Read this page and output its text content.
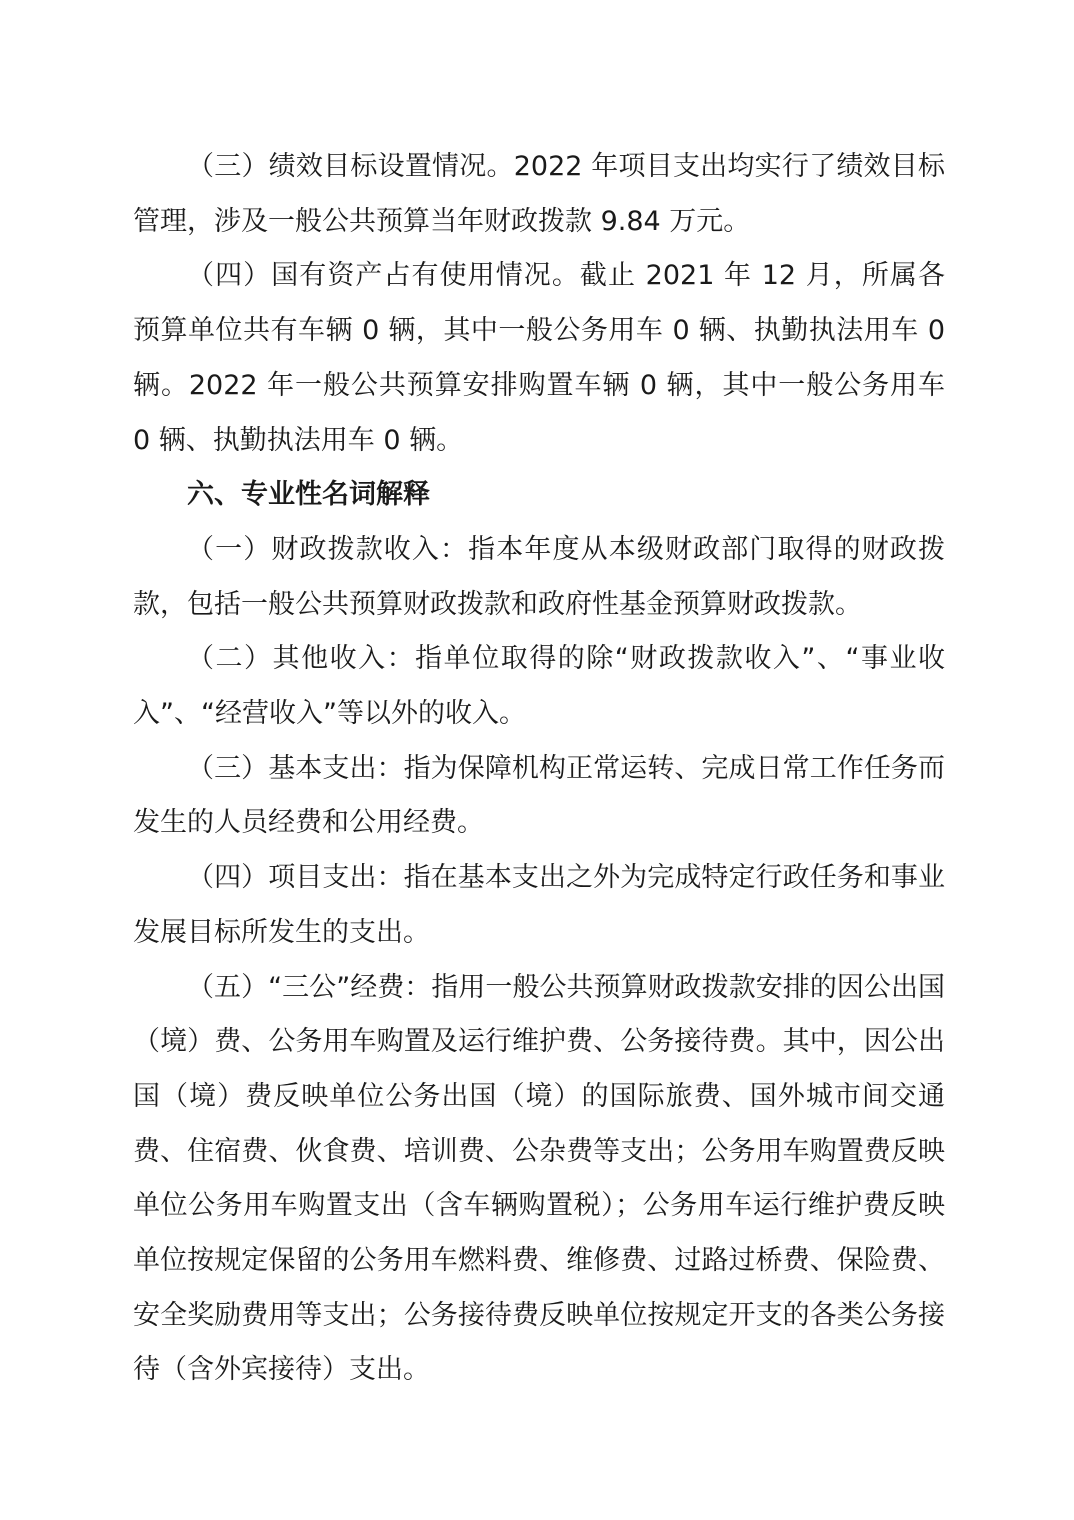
（三）绩效目标设置情况。2022 年项目支出均实行了绩效目标管理，涉及一般公共预算当年财政拨款 9.84 万元。

（四）国有资产占有使用情况。截止 2021 年 12 月，所属各预算单位共有车辆 0 辆，其中一般公务用车 0 辆、执勤执法用车 0 辆。2022 年一般公共预算安排购置车辆 0 辆，其中一般公务用车 0 辆、执勤执法用车 0 辆。

六、专业性名词解释

（一）财政拨款收入：指本年度从本级财政部门取得的财政拨款，包括一般公共预算财政拨款和政府性基金预算财政拨款。

（二）其他收入：指单位取得的除“财政拨款收入”、“事业收入”、“经营收入”等以外的收入。

（三）基本支出：指为保障机构正常运转、完成日常工作任务而发生的人员经费和公用经费。

（四）项目支出：指在基本支出之外为完成特定行政任务和事业发展目标所发生的支出。

（五）“三公”经费：指用一般公共预算财政拨款安排的因公出国（境）费、公务用车购置及运行维护费、公务接待费。其中，因公出国（境）费反映单位公务出国（境）的国际旅费、国外城市间交通费、住宿费、伙食费、培训费、公杂费等支出；公务用车购置费反映单位公务用车购置支出（含车辆购置税）；公务用车运行维护费反映单位按规定保留的公务用车燃料费、维修费、过路过桥费、保险费、安全奖励费用等支出；公务接待费反映单位按规定开支的各类公务接待（含外宾接待）支出。
